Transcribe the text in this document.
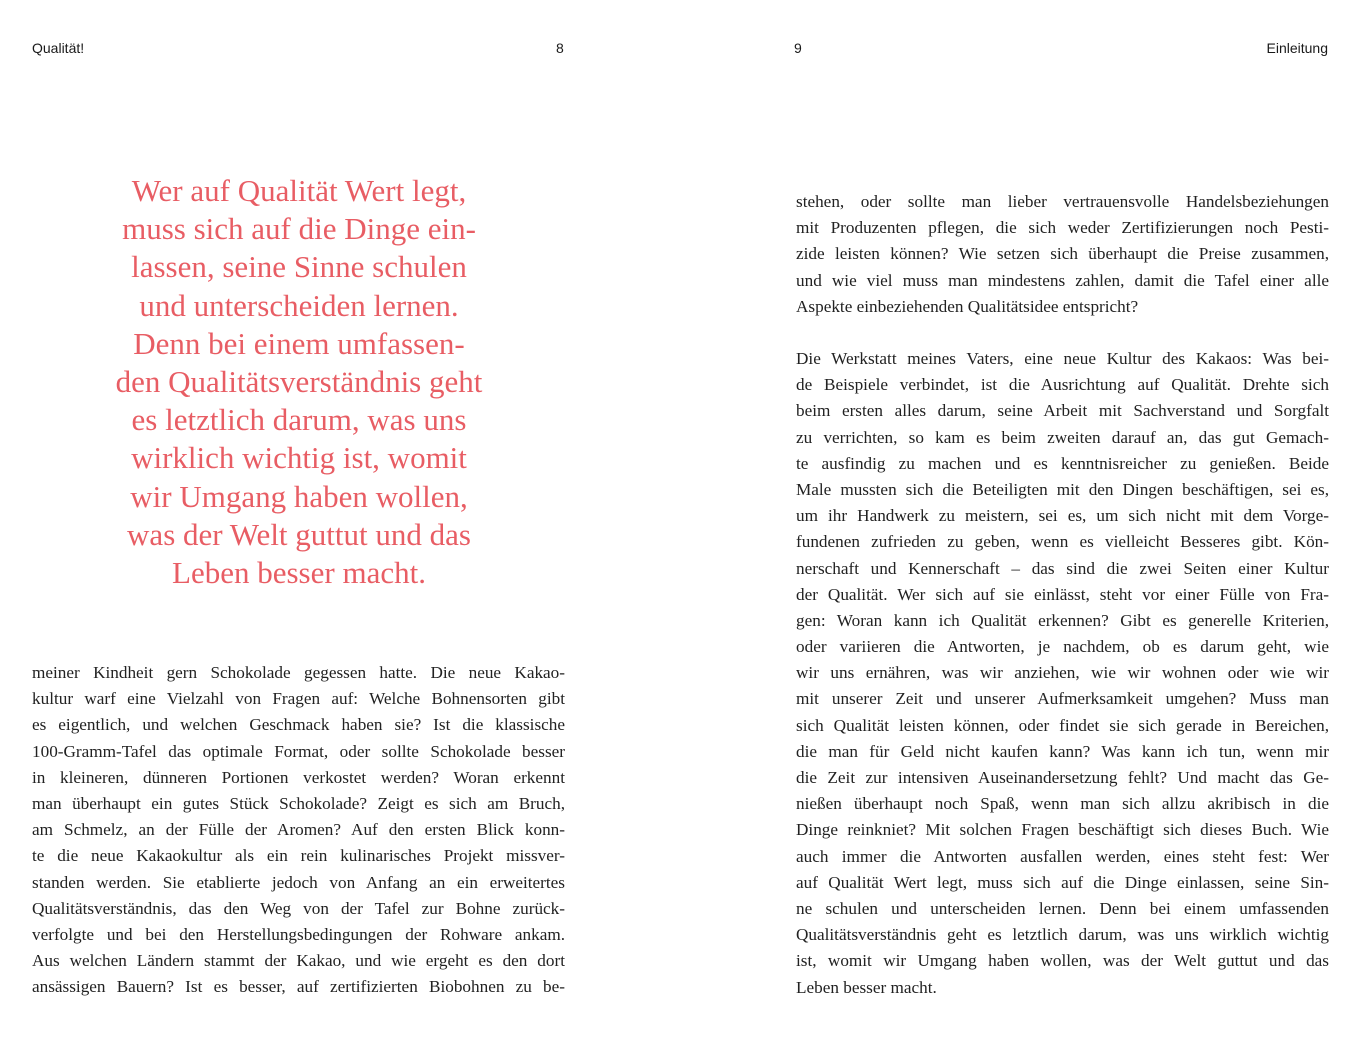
Qualität!	8
Wer auf Qualität Wert legt,
muss sich auf die Dinge ein-
lassen, seine Sinne schulen
und unterscheiden lernen.
Denn bei einem umfassen-
den Qualitätsverständnis geht
es letztlich darum, was uns
wirklich wichtig ist, womit
wir Umgang haben wollen,
was der Welt guttut und das
Leben besser macht.
meiner Kindheit gern Schokolade gegessen hatte. Die neue Kakao-
kultur warf eine Vielzahl von Fragen auf: Welche Bohnensorten gibt
es eigentlich, und welchen Geschmack haben sie? Ist die klassische
100-Gramm-Tafel das optimale Format, oder sollte Schokolade besser
in kleineren, dünneren Portionen verkostet werden? Woran erkennt
man überhaupt ein gutes Stück Schokolade? Zeigt es sich am Bruch,
am Schmelz, an der Fülle der Aromen? Auf den ersten Blick konn-
te die neue Kakaokultur als ein rein kulinarisches Projekt missver-
standen werden. Sie etablierte jedoch von Anfang an ein erweitertes
Qualitätsverständnis, das den Weg von der Tafel zur Bohne zurück-
verfolgte und bei den Herstellungsbedingungen der Rohware ankam.
Aus welchen Ländern stammt der Kakao, und wie ergeht es den dort
ansässigen Bauern? Ist es besser, auf zertifizierten Biobohnen zu be-
9	Einleitung
stehen, oder sollte man lieber vertrauensvolle Handelsbeziehungen
mit Produzenten pflegen, die sich weder Zertifizierungen noch Pesti-
zide leisten können? Wie setzen sich überhaupt die Preise zusammen,
und wie viel muss man mindestens zahlen, damit die Tafel einer alle
Aspekte einbeziehenden Qualitätsidee entspricht?
Die Werkstatt meines Vaters, eine neue Kultur des Kakaos: Was bei-
de Beispiele verbindet, ist die Ausrichtung auf Qualität. Drehte sich
beim ersten alles darum, seine Arbeit mit Sachverstand und Sorgfalt
zu verrichten, so kam es beim zweiten darauf an, das gut Gemach-
te ausfindig zu machen und es kenntnisreicher zu genießen. Beide
Male mussten sich die Beteiligten mit den Dingen beschäftigen, sei es,
um ihr Handwerk zu meistern, sei es, um sich nicht mit dem Vorge-
fundenen zufrieden zu geben, wenn es vielleicht Besseres gibt. Kön-
nerschaft und Kennerschaft – das sind die zwei Seiten einer Kultur
der Qualität. Wer sich auf sie einlässt, steht vor einer Fülle von Fra-
gen: Woran kann ich Qualität erkennen? Gibt es generelle Kriterien,
oder variieren die Antworten, je nachdem, ob es darum geht, wie
wir uns ernähren, was wir anziehen, wie wir wohnen oder wie wir
mit unserer Zeit und unserer Aufmerksamkeit umgehen? Muss man
sich Qualität leisten können, oder findet sie sich gerade in Bereichen,
die man für Geld nicht kaufen kann? Was kann ich tun, wenn mir
die Zeit zur intensiven Auseinandersetzung fehlt? Und macht das Ge-
nießen überhaupt noch Spaß, wenn man sich allzu akribisch in die
Dinge reinkniet? Mit solchen Fragen beschäftigt sich dieses Buch. Wie
auch immer die Antworten ausfallen werden, eines steht fest: Wer
auf Qualität Wert legt, muss sich auf die Dinge einlassen, seine Sin-
ne schulen und unterscheiden lernen. Denn bei einem umfassenden
Qualitätsverständnis geht es letztlich darum, was uns wirklich wichtig
ist, womit wir Umgang haben wollen, was der Welt guttut und das
Leben besser macht.
